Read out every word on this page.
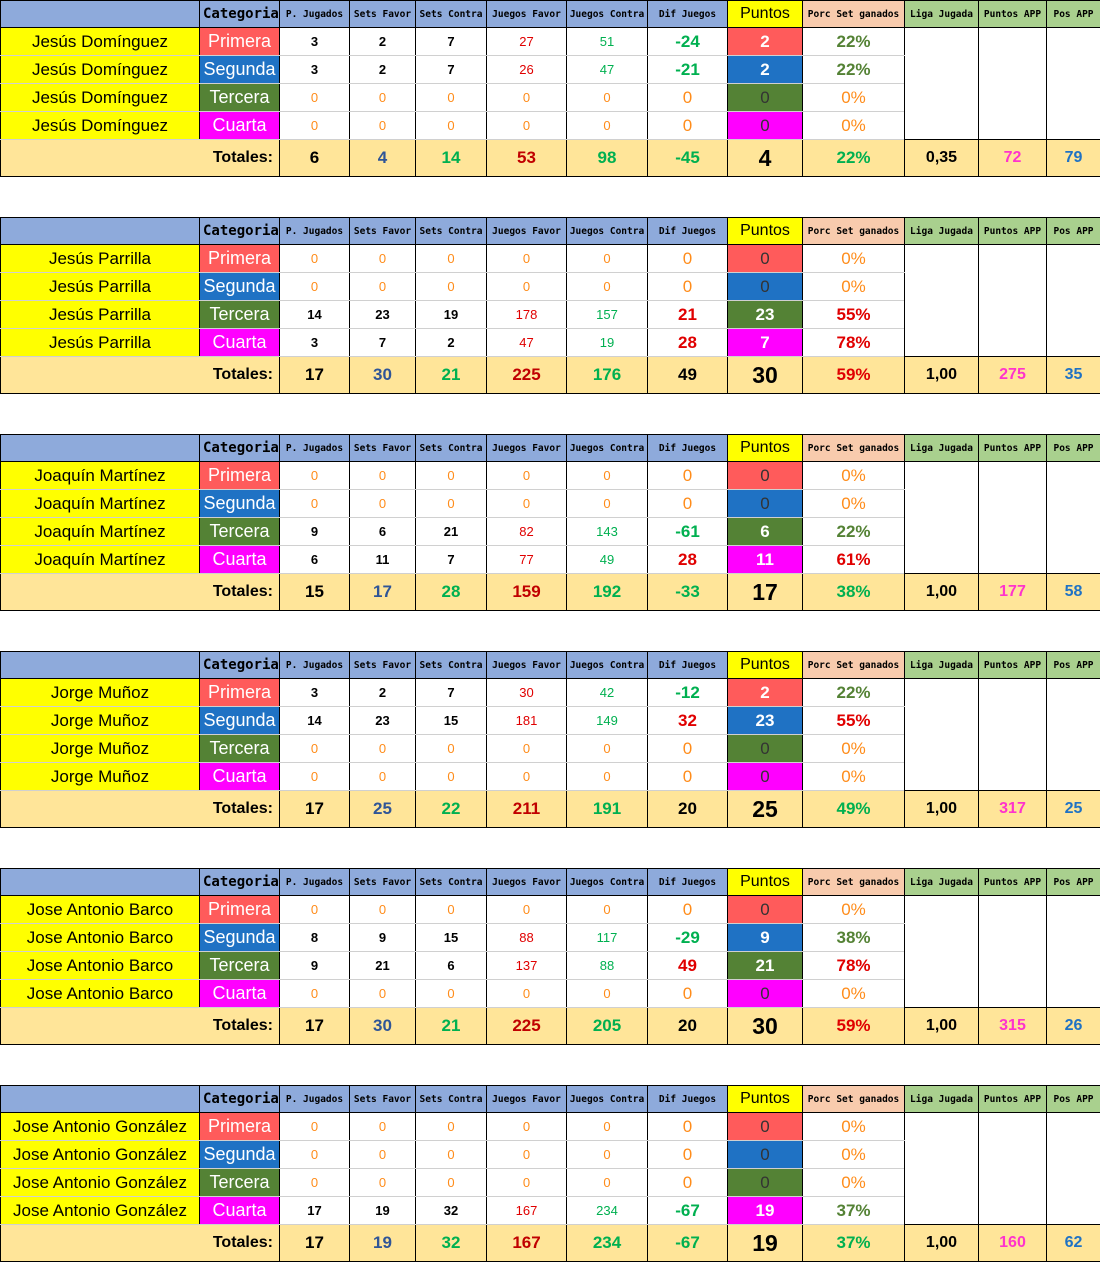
	Categoria	P. Jugados	Sets Favor	Sets Contra	Juegos Favor	Juegos Contra	Dif Juegos	Puntos	Porc Set ganados	Liga Jugada	Puntos APP	Pos APP
Jesús Domínguez	Primera	3	2	7	27	51	-24	2	22%			
Jesús Domínguez	Segunda	3	2	7	26	47	-21	2	22%			
Jesús Domínguez	Tercera	0	0	0	0	0	0	0	0%			
Jesús Domínguez	Cuarta	0	0	0	0	0	0	0	0%			
Totales:		6	4	14	53	98	-45	4	22%	0,35	72	79
	Categoria	P. Jugados	Sets Favor	Sets Contra	Juegos Favor	Juegos Contra	Dif Juegos	Puntos	Porc Set ganados	Liga Jugada	Puntos APP	Pos APP
Jesús Parrilla	Primera	0	0	0	0	0	0	0	0%			
Jesús Parrilla	Segunda	0	0	0	0	0	0	0	0%			
Jesús Parrilla	Tercera	14	23	19	178	157	21	23	55%			
Jesús Parrilla	Cuarta	3	7	2	47	19	28	7	78%			
Totales:		17	30	21	225	176	49	30	59%	1,00	275	35
	Categoria	P. Jugados	Sets Favor	Sets Contra	Juegos Favor	Juegos Contra	Dif Juegos	Puntos	Porc Set ganados	Liga Jugada	Puntos APP	Pos APP
Joaquín Martínez	Primera	0	0	0	0	0	0	0	0%			
Joaquín Martínez	Segunda	0	0	0	0	0	0	0	0%			
Joaquín Martínez	Tercera	9	6	21	82	143	-61	6	22%			
Joaquín Martínez	Cuarta	6	11	7	77	49	28	11	61%			
Totales:		15	17	28	159	192	-33	17	38%	1,00	177	58
	Categoria	P. Jugados	Sets Favor	Sets Contra	Juegos Favor	Juegos Contra	Dif Juegos	Puntos	Porc Set ganados	Liga Jugada	Puntos APP	Pos APP
Jorge Muñoz	Primera	3	2	7	30	42	-12	2	22%			
Jorge Muñoz	Segunda	14	23	15	181	149	32	23	55%			
Jorge Muñoz	Tercera	0	0	0	0	0	0	0	0%			
Jorge Muñoz	Cuarta	0	0	0	0	0	0	0	0%			
Totales:		17	25	22	211	191	20	25	49%	1,00	317	25
	Categoria	P. Jugados	Sets Favor	Sets Contra	Juegos Favor	Juegos Contra	Dif Juegos	Puntos	Porc Set ganados	Liga Jugada	Puntos APP	Pos APP
Jose Antonio Barco	Primera	0	0	0	0	0	0	0	0%			
Jose Antonio Barco	Segunda	8	9	15	88	117	-29	9	38%			
Jose Antonio Barco	Tercera	9	21	6	137	88	49	21	78%			
Jose Antonio Barco	Cuarta	0	0	0	0	0	0	0	0%			
Totales:		17	30	21	225	205	20	30	59%	1,00	315	26
	Categoria	P. Jugados	Sets Favor	Sets Contra	Juegos Favor	Juegos Contra	Dif Juegos	Puntos	Porc Set ganados	Liga Jugada	Puntos APP	Pos APP
Jose Antonio González	Primera	0	0	0	0	0	0	0	0%			
Jose Antonio González	Segunda	0	0	0	0	0	0	0	0%			
Jose Antonio González	Tercera	0	0	0	0	0	0	0	0%			
Jose Antonio González	Cuarta	17	19	32	167	234	-67	19	37%			
Totales:		17	19	32	167	234	-67	19	37%	1,00	160	62
